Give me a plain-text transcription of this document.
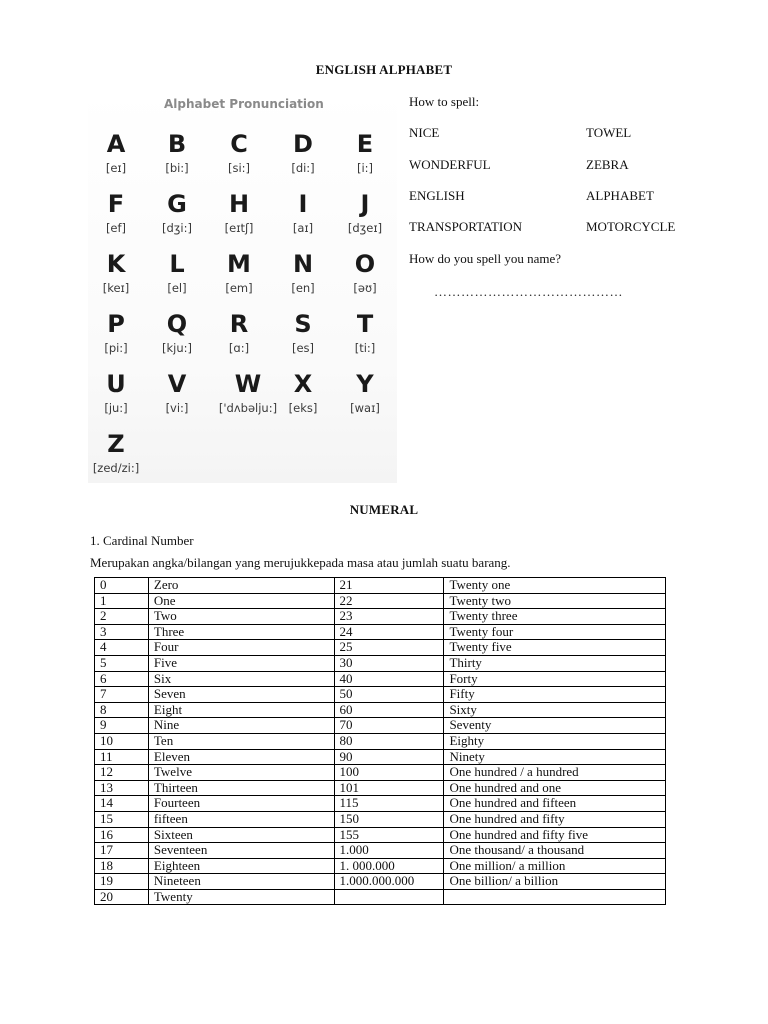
ENGLISH ALPHABET
Alphabet Pronunciation
A
[eɪ]
B
[bi:]
C
[si:]
D
[di:]
E
[i:]
F
[ef]
G
[dʒi:]
H
[eɪtʃ]
I
[aɪ]
J
[dʒeɪ]
K
[keɪ]
L
[el]
M
[em]
N
[en]
O
[əʊ]
P
[pi:]
Q
[kju:]
R
[ɑ:]
S
[es]
T
[ti:]
U
[ju:]
V
[vi:]
W
['dʌbəlju:]
X
[eks]
Y
[waɪ]
Z
[zed/zi:]
How to spell:
NICE	TOWEL
WONDERFUL	ZEBRA
ENGLISH	ALPHABET
TRANSPORTATION	MOTORCYCLE
How do you spell you name?
……………………………………
NUMERAL
1. Cardinal Number
Merupakan angka/bilangan yang merujukkepada masa atau jumlah suatu barang.
0	Zero	21	Twenty one
1	One	22	Twenty two
2	Two	23	Twenty three
3	Three	24	Twenty four
4	Four	25	Twenty five
5	Five	30	Thirty
6	Six	40	Forty
7	Seven	50	Fifty
8	Eight	60	Sixty
9	Nine	70	Seventy
10	Ten	80	Eighty
11	Eleven	90	Ninety
12	Twelve	100	One hundred / a hundred
13	Thirteen	101	One hundred and one
14	Fourteen	115	One hundred and fifteen
15	fifteen	150	One hundred and fifty
16	Sixteen	155	One hundred and fifty five
17	Seventeen	1.000	One thousand/ a thousand
18	Eighteen	1. 000.000	One million/ a million
19	Nineteen	1.000.000.000	One billion/ a billion
20	Twenty		
